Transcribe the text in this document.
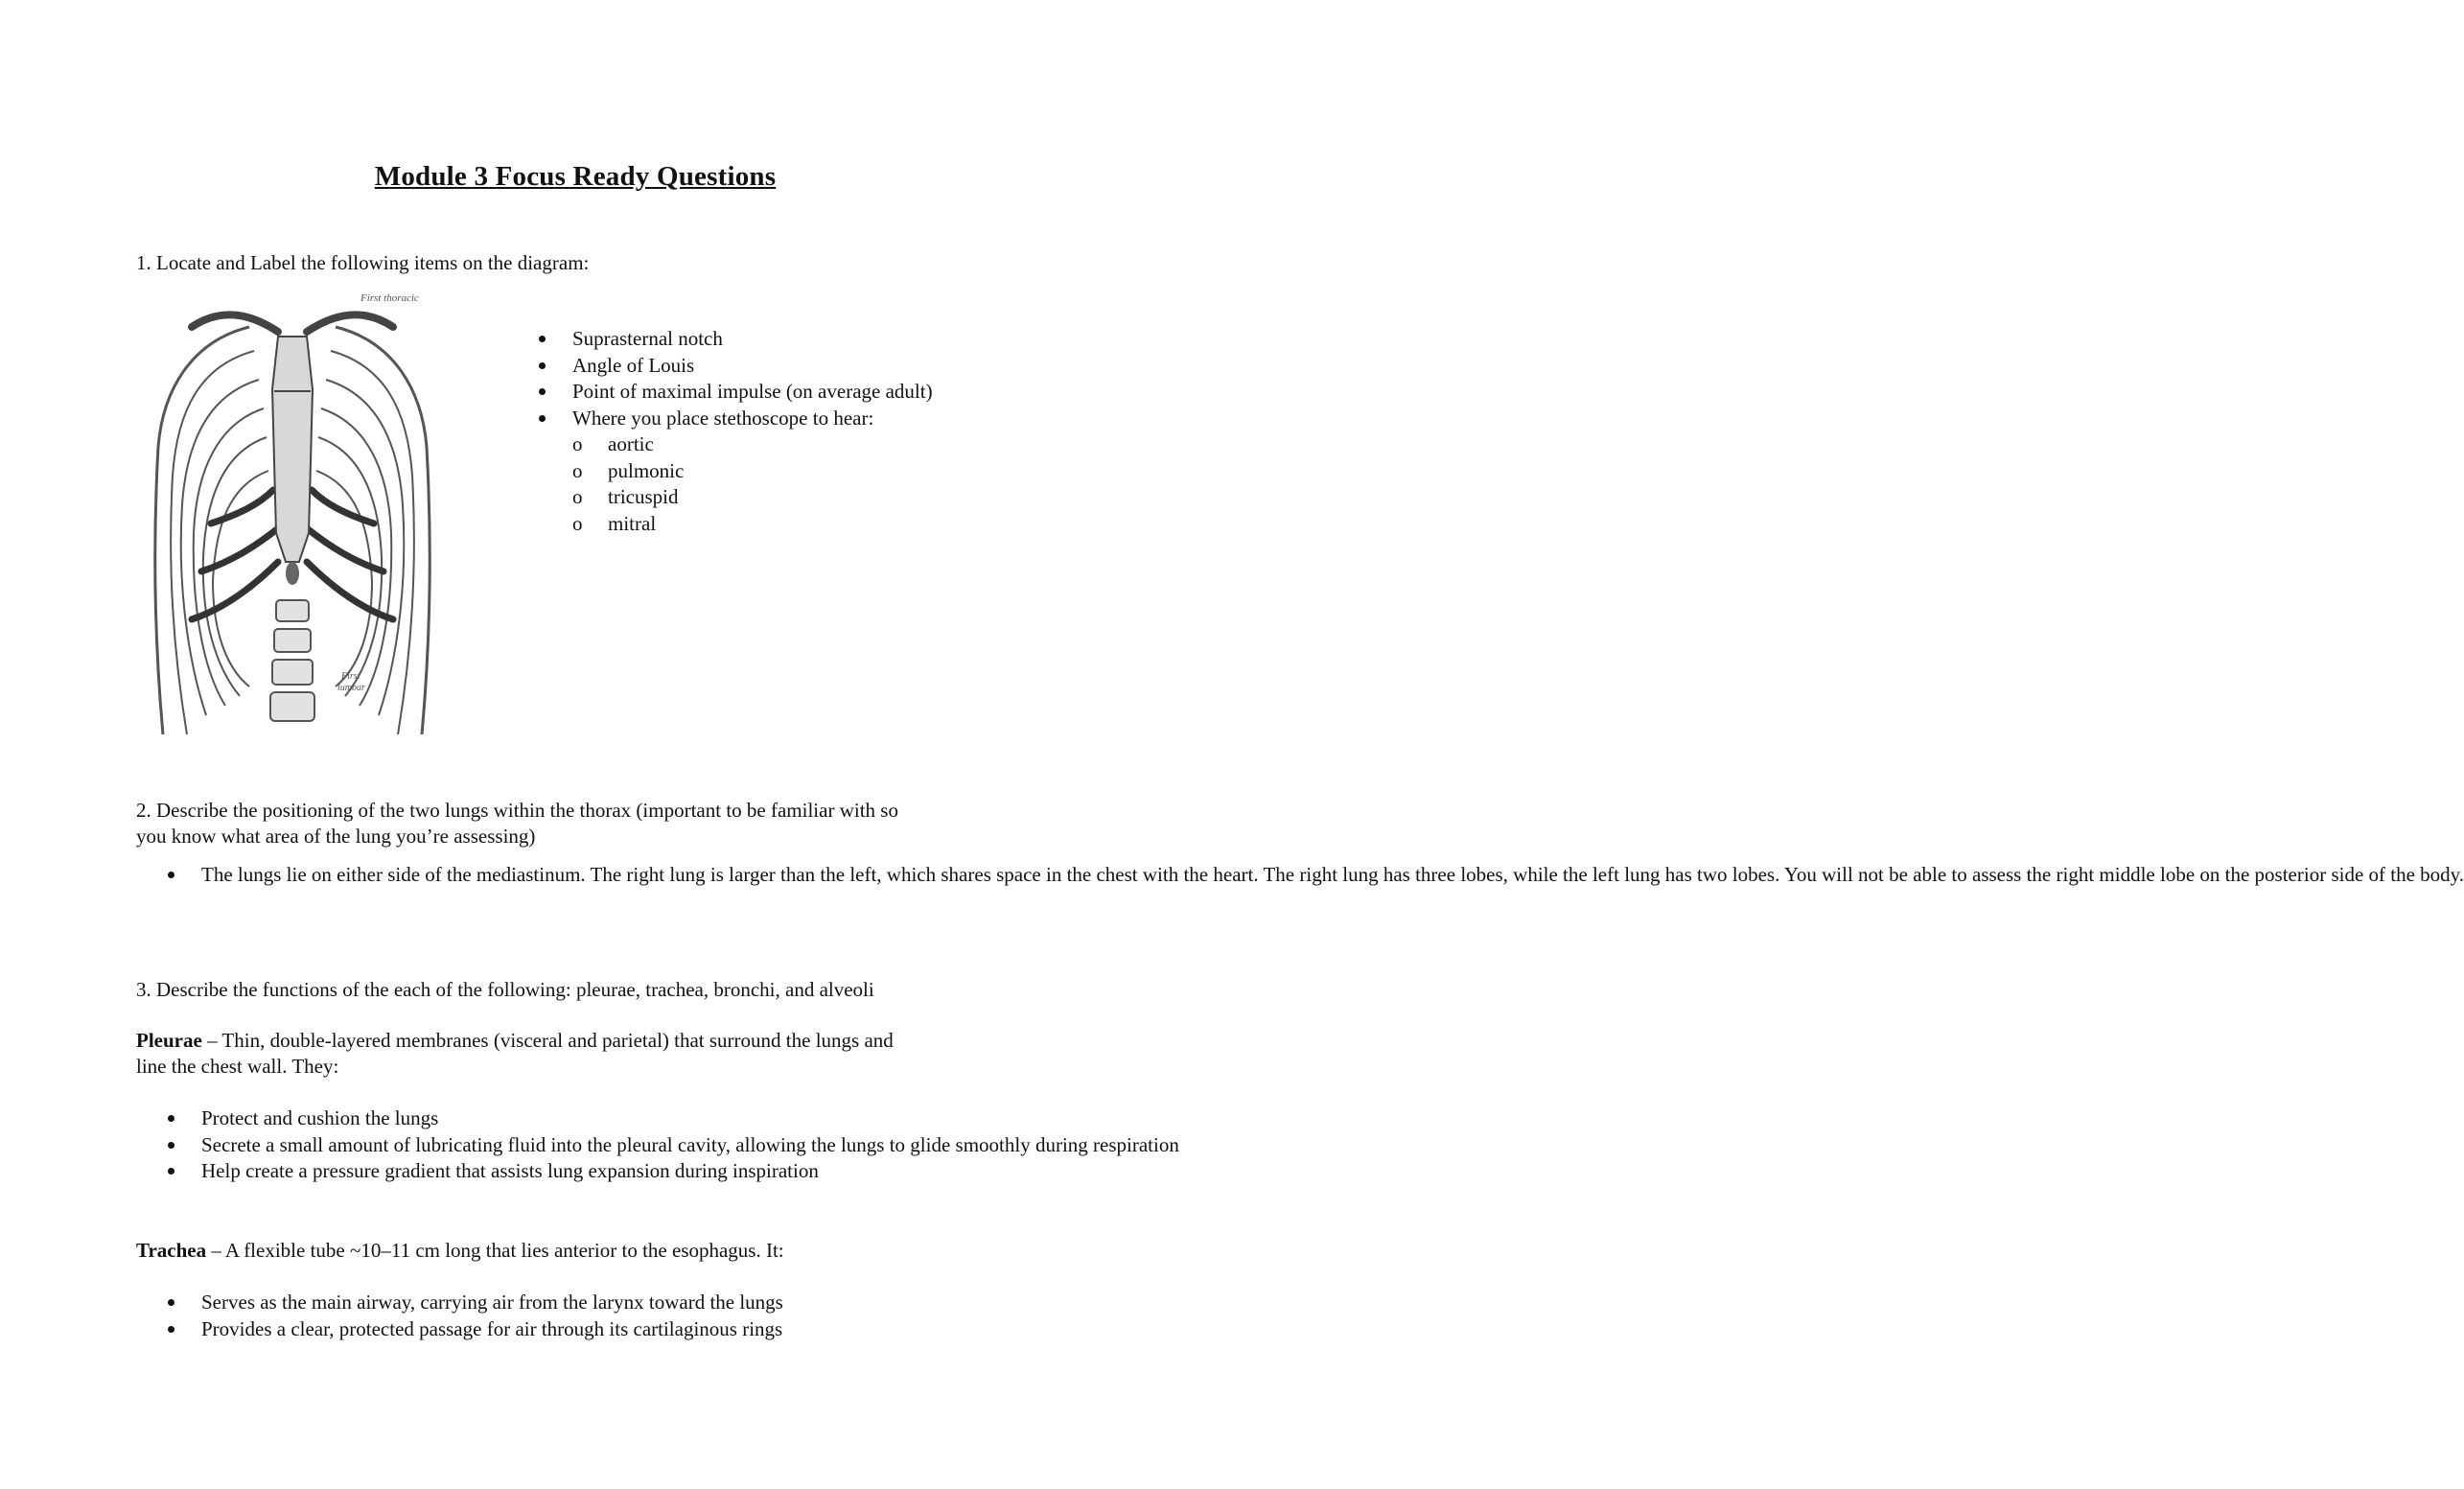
Module 3 Focus Ready Questions
1. Locate and Label the following items on the diagram:
First thoracic
First
lumbar
Suprasternal notch
Angle of Louis
Point of maximal impulse (on average adult)
Where you place stethoscope to hear:
o aortic
o pulmonic
o tricuspid
o mitral
2. Describe the positioning of the two lungs within the thorax (important to be familiar with so
you know what area of the lung you’re assessing)
The lungs lie on either side of the mediastinum. The right lung is larger than the left, which shares space in the chest with the heart. The right lung has three lobes, while the left lung has two lobes. You will not be able to assess the right middle lobe on the posterior side of the body.
3. Describe the functions of the each of the following: pleurae, trachea, bronchi, and alveoli
Pleurae – Thin, double-layered membranes (visceral and parietal) that surround the lungs and
line the chest wall. They:
Protect and cushion the lungs
Secrete a small amount of lubricating fluid into the pleural cavity, allowing the lungs to glide smoothly during respiration
Help create a pressure gradient that assists lung expansion during inspiration
Trachea – A flexible tube ~10–11 cm long that lies anterior to the esophagus. It:
Serves as the main airway, carrying air from the larynx toward the lungs
Provides a clear, protected passage for air through its cartilaginous rings
